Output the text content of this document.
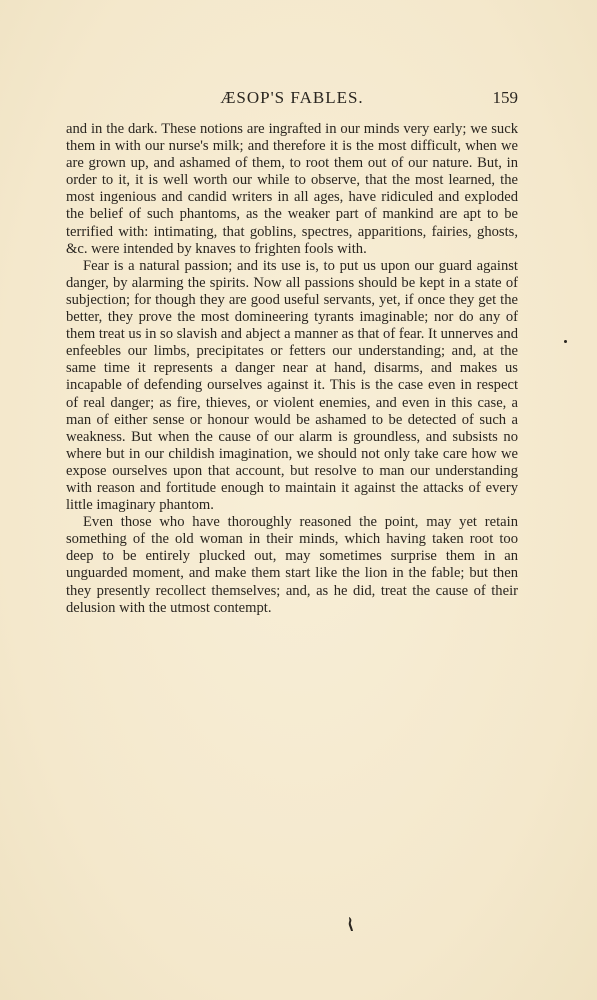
ÆSOP'S FABLES.	159

and in the dark. These notions are ingrafted in our minds very early; we suck them in with our nurse's milk; and therefore it is the most difficult, when we are grown up, and ashamed of them, to root them out of our nature. But, in order to it, it is well worth our while to observe, that the most learned, the most ingenious and candid writers in all ages, have ridiculed and exploded the belief of such phantoms, as the weaker part of mankind are apt to be terrified with: intimating, that goblins, spectres, apparitions, fairies, ghosts, &c. were intended by knaves to frighten fools with.

Fear is a natural passion; and its use is, to put us upon our guard against danger, by alarming the spirits. Now all passions should be kept in a state of subjection; for though they are good useful servants, yet, if once they get the better, they prove the most domineering tyrants imaginable; nor do any of them treat us in so slavish and abject a manner as that of fear. It unnerves and enfeebles our limbs, precipitates or fetters our understanding; and, at the same time it represents a danger near at hand, disarms, and makes us incapable of defending ourselves against it. This is the case even in respect of real danger; as fire, thieves, or violent enemies, and even in this case, a man of either sense or honour would be ashamed to be detected of such a weakness. But when the cause of our alarm is groundless, and subsists no where but in our childish imagination, we should not only take care how we expose ourselves upon that account, but resolve to man our understanding with reason and fortitude enough to maintain it against the attacks of every little imaginary phantom.

Even those who have thoroughly reasoned the point, may yet retain something of the old woman in their minds, which having taken root too deep to be entirely plucked out, may sometimes surprise them in an unguarded moment, and make them start like the lion in the fable; but then they presently recollect themselves; and, as he did, treat the cause of their delusion with the utmost contempt.
